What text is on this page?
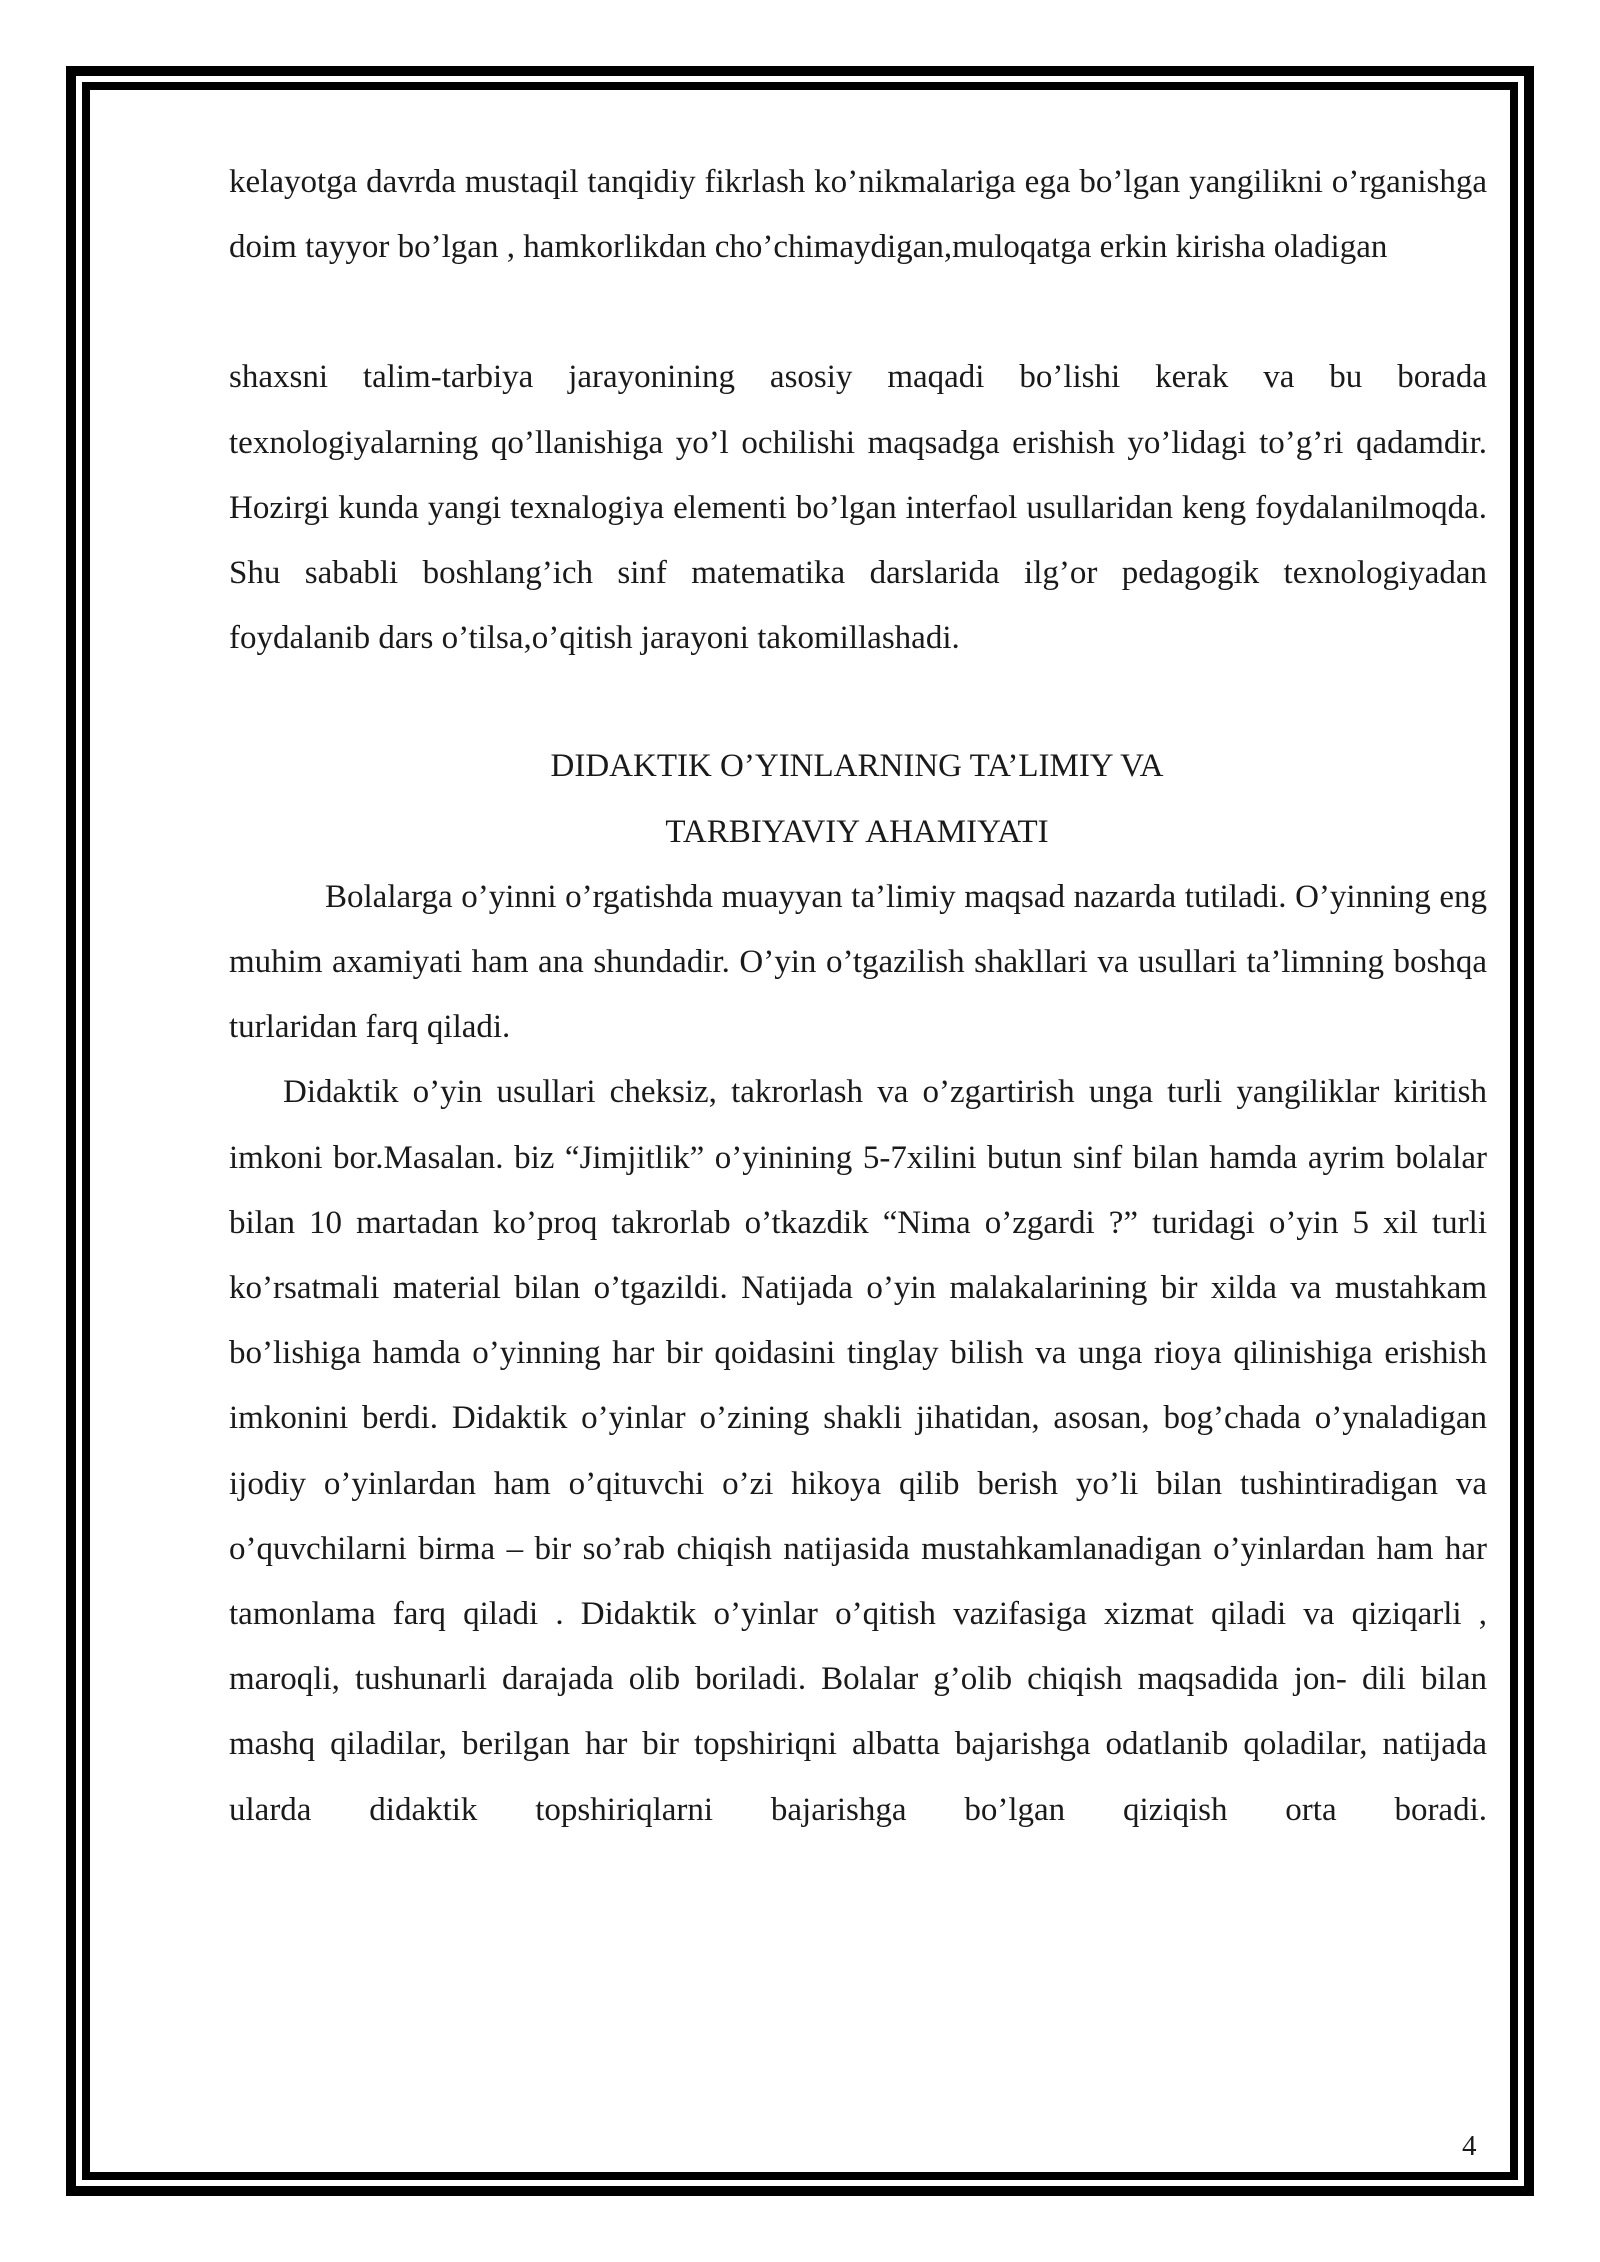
kelayotga davrda mustaqil tanqidiy fikrlash ko’nikmalariga ega bo’lgan yangilikni o’rganishga doim tayyor bo’lgan , hamkorlikdan cho’chimaydigan,muloqatga erkin kirisha oladigan

shaxsni talim-tarbiya jarayonining asosiy maqadi bo’lishi kerak va bu borada texnologiyalarning qo’llanishiga yo’l ochilishi maqsadga erishish yo’lidagi to’g’ri qadamdir. Hozirgi kunda yangi texnalogiya elementi bo’lgan interfaol usullaridan keng foydalanilmoqda. Shu sababli boshlang’ich sinf matematika darslarida ilg’or pedagogik texnologiyadan foydalanib dars o’tilsa,o’qitish jarayoni takomillashadi.

DIDAKTIK O’YINLARNING TA’LIMIY VA

TARBIYAVIY AHAMIYATI

Bolalarga o’yinni o’rgatishda muayyan ta’limiy maqsad nazarda tutiladi. O’yinning eng muhim axamiyati ham ana shundadir. O’yin o’tgazilish shakllari va usullari ta’limning boshqa turlaridan farq qiladi.

Didaktik o’yin usullari cheksiz, takrorlash va o’zgartirish unga turli yangiliklar kiritish imkoni bor.Masalan. biz “Jimjitlik” o’yinining 5-7xilini butun sinf bilan hamda ayrim bolalar bilan 10 martadan ko’proq takrorlab o’tkazdik “Nima o’zgardi ?” turidagi o’yin 5 xil turli ko’rsatmali material bilan o’tgazildi. Natijada o’yin malakalarining bir xilda va mustahkam bo’lishiga hamda o’yinning har bir qoidasini tinglay bilish va unga rioya qilinishiga erishish imkonini berdi. Didaktik o’yinlar o’zining shakli jihatidan, asosan, bog’chada o’ynaladigan ijodiy o’yinlardan ham o’qituvchi o’zi hikoya qilib berish yo’li bilan tushintiradigan va o’quvchilarni birma – bir so’rab chiqish natijasida mustahkamlanadigan o’yinlardan ham har tamonlama farq qiladi . Didaktik o’yinlar o’qitish vazifasiga xizmat qiladi va qiziqarli , maroqli, tushunarli darajada olib boriladi. Bolalar g’olib chiqish maqsadida jon- dili bilan mashq qiladilar, berilgan har bir topshiriqni albatta bajarishga odatlanib qoladilar, natijada ularda didaktik topshiriqlarni bajarishga bo’lgan qiziqish orta boradi.

4
